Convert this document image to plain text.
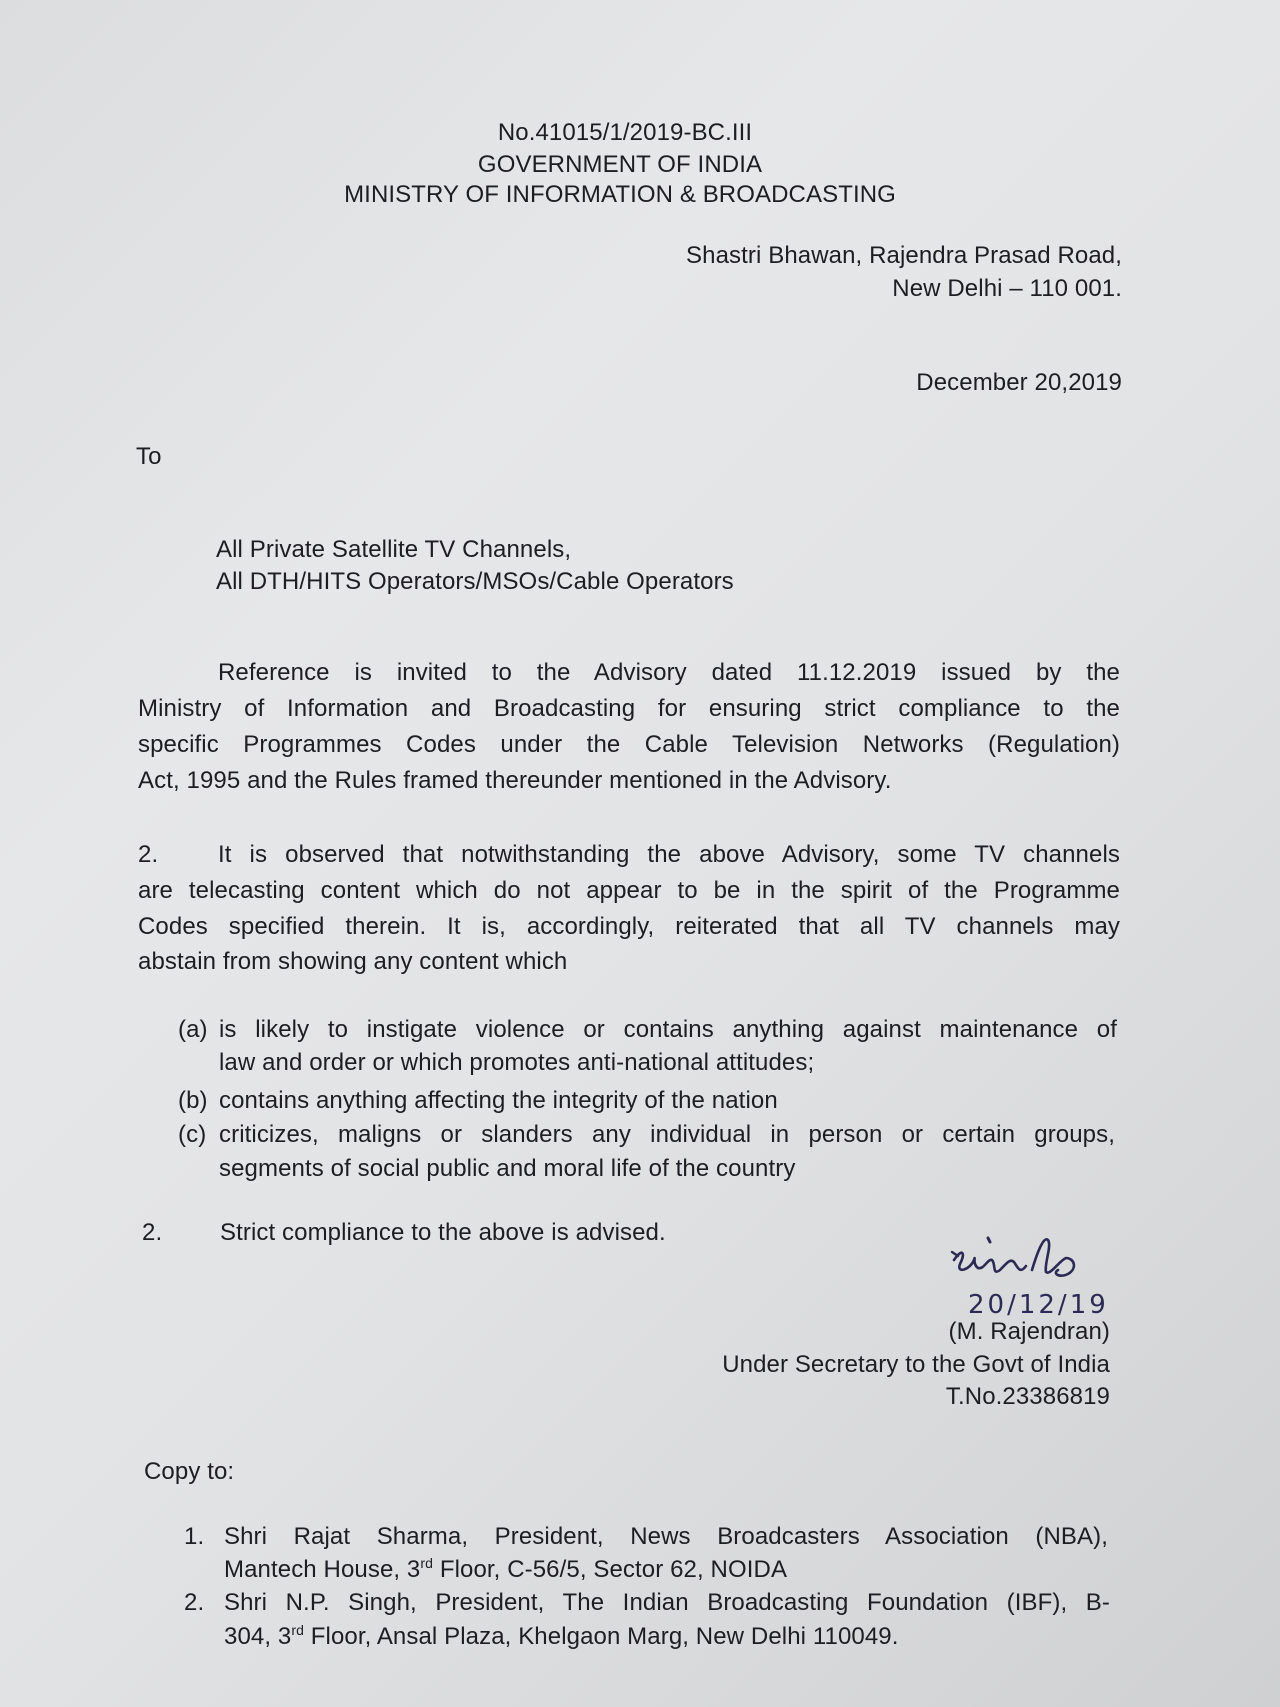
No.41015/1/2019-BC.III
GOVERNMENT OF INDIA
MINISTRY OF INFORMATION & BROADCASTING
Shastri Bhawan, Rajendra Prasad Road,
New Delhi – 110 001.
December 20,2019
To
All Private Satellite TV Channels,
All DTH/HITS Operators/MSOs/Cable Operators
Reference is invited to the Advisory dated 11.12.2019 issued by the
Ministry of Information and Broadcasting for ensuring strict compliance to the
specific Programmes Codes under the Cable Television Networks (Regulation)
Act, 1995 and the Rules framed thereunder mentioned in the Advisory.
2. It is observed that notwithstanding the above Advisory, some TV channels
are telecasting content which do not appear to be in the spirit of the Programme
Codes specified therein. It is, accordingly, reiterated that all TV channels may
abstain from showing any content which
(a) is likely to instigate violence or contains anything against maintenance of
law and order or which promotes anti-national attitudes;
(b) contains anything affecting the integrity of the nation
(c) criticizes, maligns or slanders any individual in person or certain groups,
segments of social public and moral life of the country
2. Strict compliance to the above is advised.
20/12/19
(M. Rajendran)
Under Secretary to the Govt of India
T.No.23386819
Copy to:
1. Shri Rajat Sharma, President, News Broadcasters Association (NBA),
Mantech House, 3rd Floor, C-56/5, Sector 62, NOIDA
2. Shri N.P. Singh, President, The Indian Broadcasting Foundation (IBF), B-
304, 3rd Floor, Ansal Plaza, Khelgaon Marg, New Delhi 110049.
